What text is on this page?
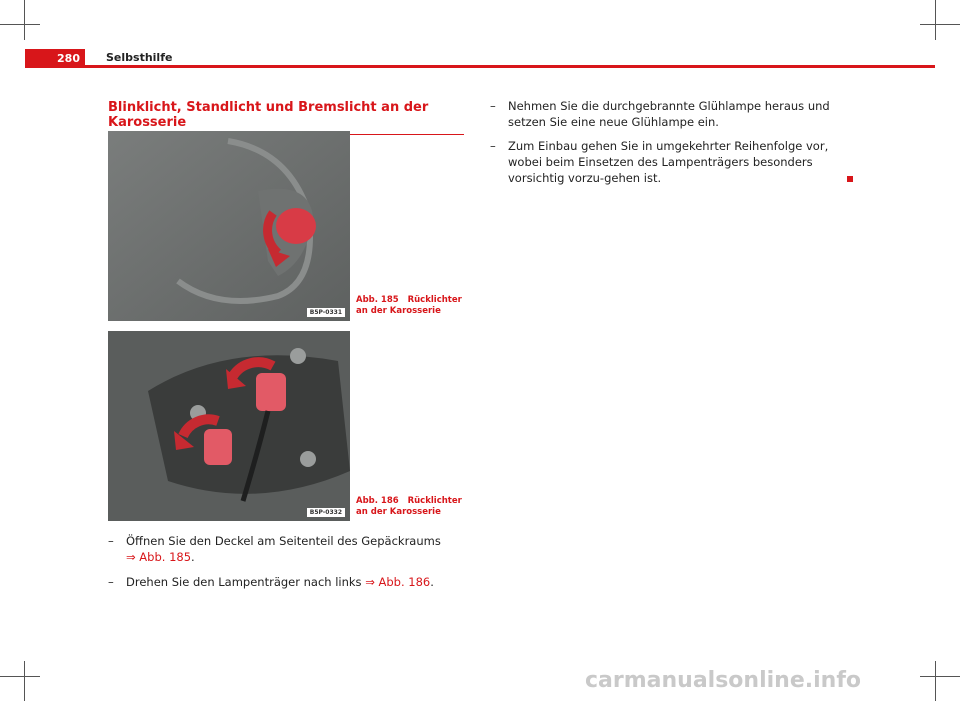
280	Selbsthilfe
Blinklicht, Standlicht und Bremslicht an der Karosserie
B5P-0331
Abb. 185 Rücklichter an der Karosserie
B5P-0332
Abb. 186 Rücklichter an der Karosserie
– Öffnen Sie den Deckel am Seitenteil des Gepäckraums
⇒ Abb. 185.
– Drehen Sie den Lampenträger nach links ⇒ Abb. 186.
– Nehmen Sie die durchgebrannte Glühlampe heraus und setzen Sie eine neue Glühlampe ein.
– Zum Einbau gehen Sie in umgekehrter Reihenfolge vor, wobei beim Einsetzen des Lampenträgers besonders vorsichtig vorzu-gehen ist.
carmanualsonline.info
